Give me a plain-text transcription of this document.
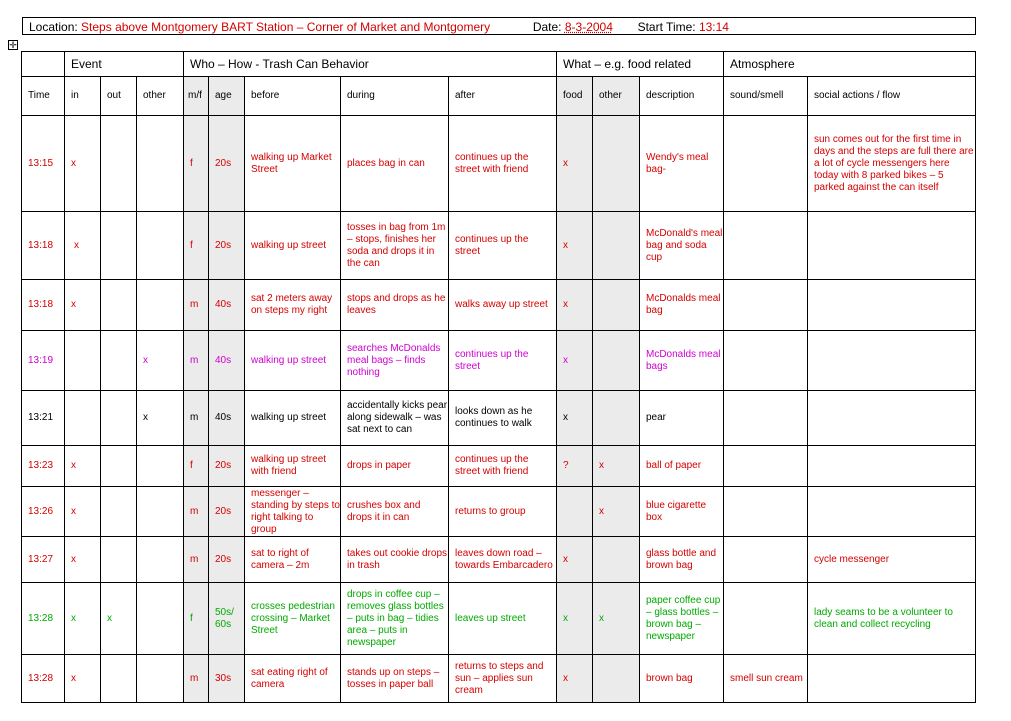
Location: Steps above Montgomery BART Station – Corner of Market and Montgomery	Date: 8-3-2004 Start Time: 13:14
✛
	Event			Who – How - Trash Can Behavior					What – e.g. food related			Atmosphere	
Time	in	out	other	m/f	age	before	during	after	food	other	description	sound/smell	social actions / flow
13:15	x			f	20s	walking up Market Street	places bag in can	continues up the street with friend	x		Wendy's meal bag-		sun comes out for the first time in days and the steps are full there are a lot of cycle messengers here today with 8 parked bikes – 5 parked against the can itself
13:18	x			f	20s	walking up street	tosses in bag from 1m – stops, finishes her soda and drops it in the can	continues up the street	x		McDonald's meal bag and soda cup		
13:18	x			m	40s	sat 2 meters away on steps my right	stops and drops as he leaves	walks away up street	x		McDonalds meal bag		
13:19			x	m	40s	walking up street	searches McDonalds meal bags – finds nothing	continues up the street	x		McDonalds meal bags		
13:21			x	m	40s	walking up street	accidentally kicks pear along sidewalk – was sat next to can	looks down as he continues to walk	x		pear		
13:23	x			f	20s	walking up street with friend	drops in paper	continues up the street with friend	?	x	ball of paper		
13:26	x			m	20s	messenger – standing by steps to right talking to group	crushes box and drops it in can	returns to group		x	blue cigarette box		
13:27	x			m	20s	sat to right of camera – 2m	takes out cookie drops in trash	leaves down road – towards Embarcadero	x		glass bottle and brown bag		cycle messenger
13:28	x	x		f	50s/ 60s	crosses pedestrian crossing – Market Street	drops in coffee cup – removes glass bottles – puts in bag – tidies area – puts in newspaper	leaves up street	x	x	paper coffee cup – glass bottles – brown bag – newspaper		lady seams to be a volunteer to clean and collect recycling
13:28	x			m	30s	sat eating right of camera	stands up on steps – tosses in paper ball	returns to steps and sun – applies sun cream	x		brown bag	smell sun cream	
